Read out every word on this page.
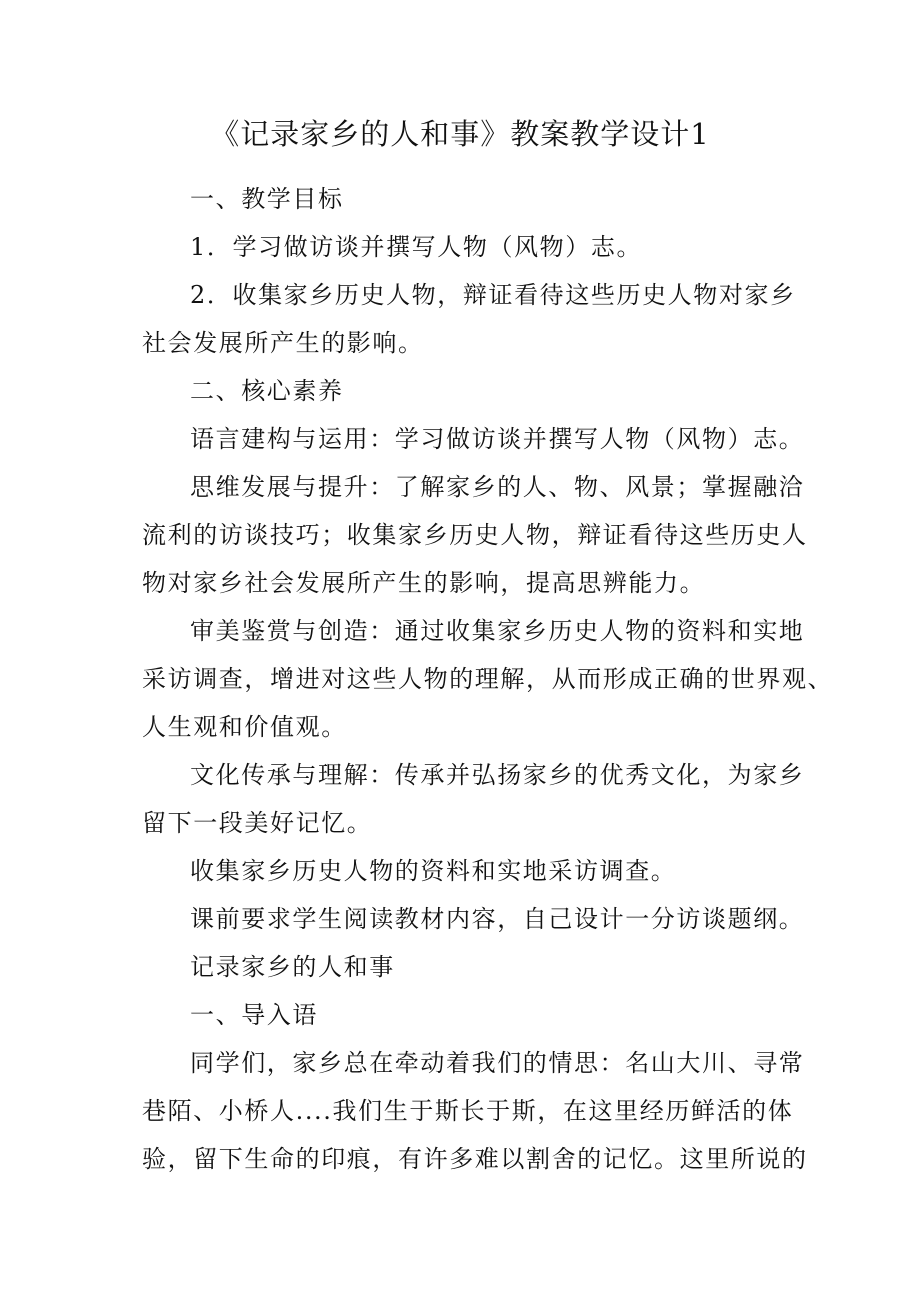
《记录家乡的人和事》教案教学设计1
一、教学目标
1．学习做访谈并撰写人物（风物）志。
2．收集家乡历史人物，辩证看待这些历史人物对家乡
社会发展所产生的影响。
二、核心素养
语言建构与运用：学习做访谈并撰写人物（风物）志。
思维发展与提升：了解家乡的人、物、风景；掌握融洽
流利的访谈技巧；收集家乡历史人物，辩证看待这些历史人
物对家乡社会发展所产生的影响，提高思辨能力。
审美鉴赏与创造：通过收集家乡历史人物的资料和实地
采访调查，增进对这些人物的理解，从而形成正确的世界观、
人生观和价值观。
文化传承与理解：传承并弘扬家乡的优秀文化，为家乡
留下一段美好记忆。
收集家乡历史人物的资料和实地采访调查。
课前要求学生阅读教材内容，自己设计一分访谈题纲。
记录家乡的人和事
一、导入语
同学们，家乡总在牵动着我们的情思：名山大川、寻常
巷陌、小桥人....我们生于斯长于斯，在这里经历鲜活的体
验，留下生命的印痕，有许多难以割舍的记忆。这里所说的
